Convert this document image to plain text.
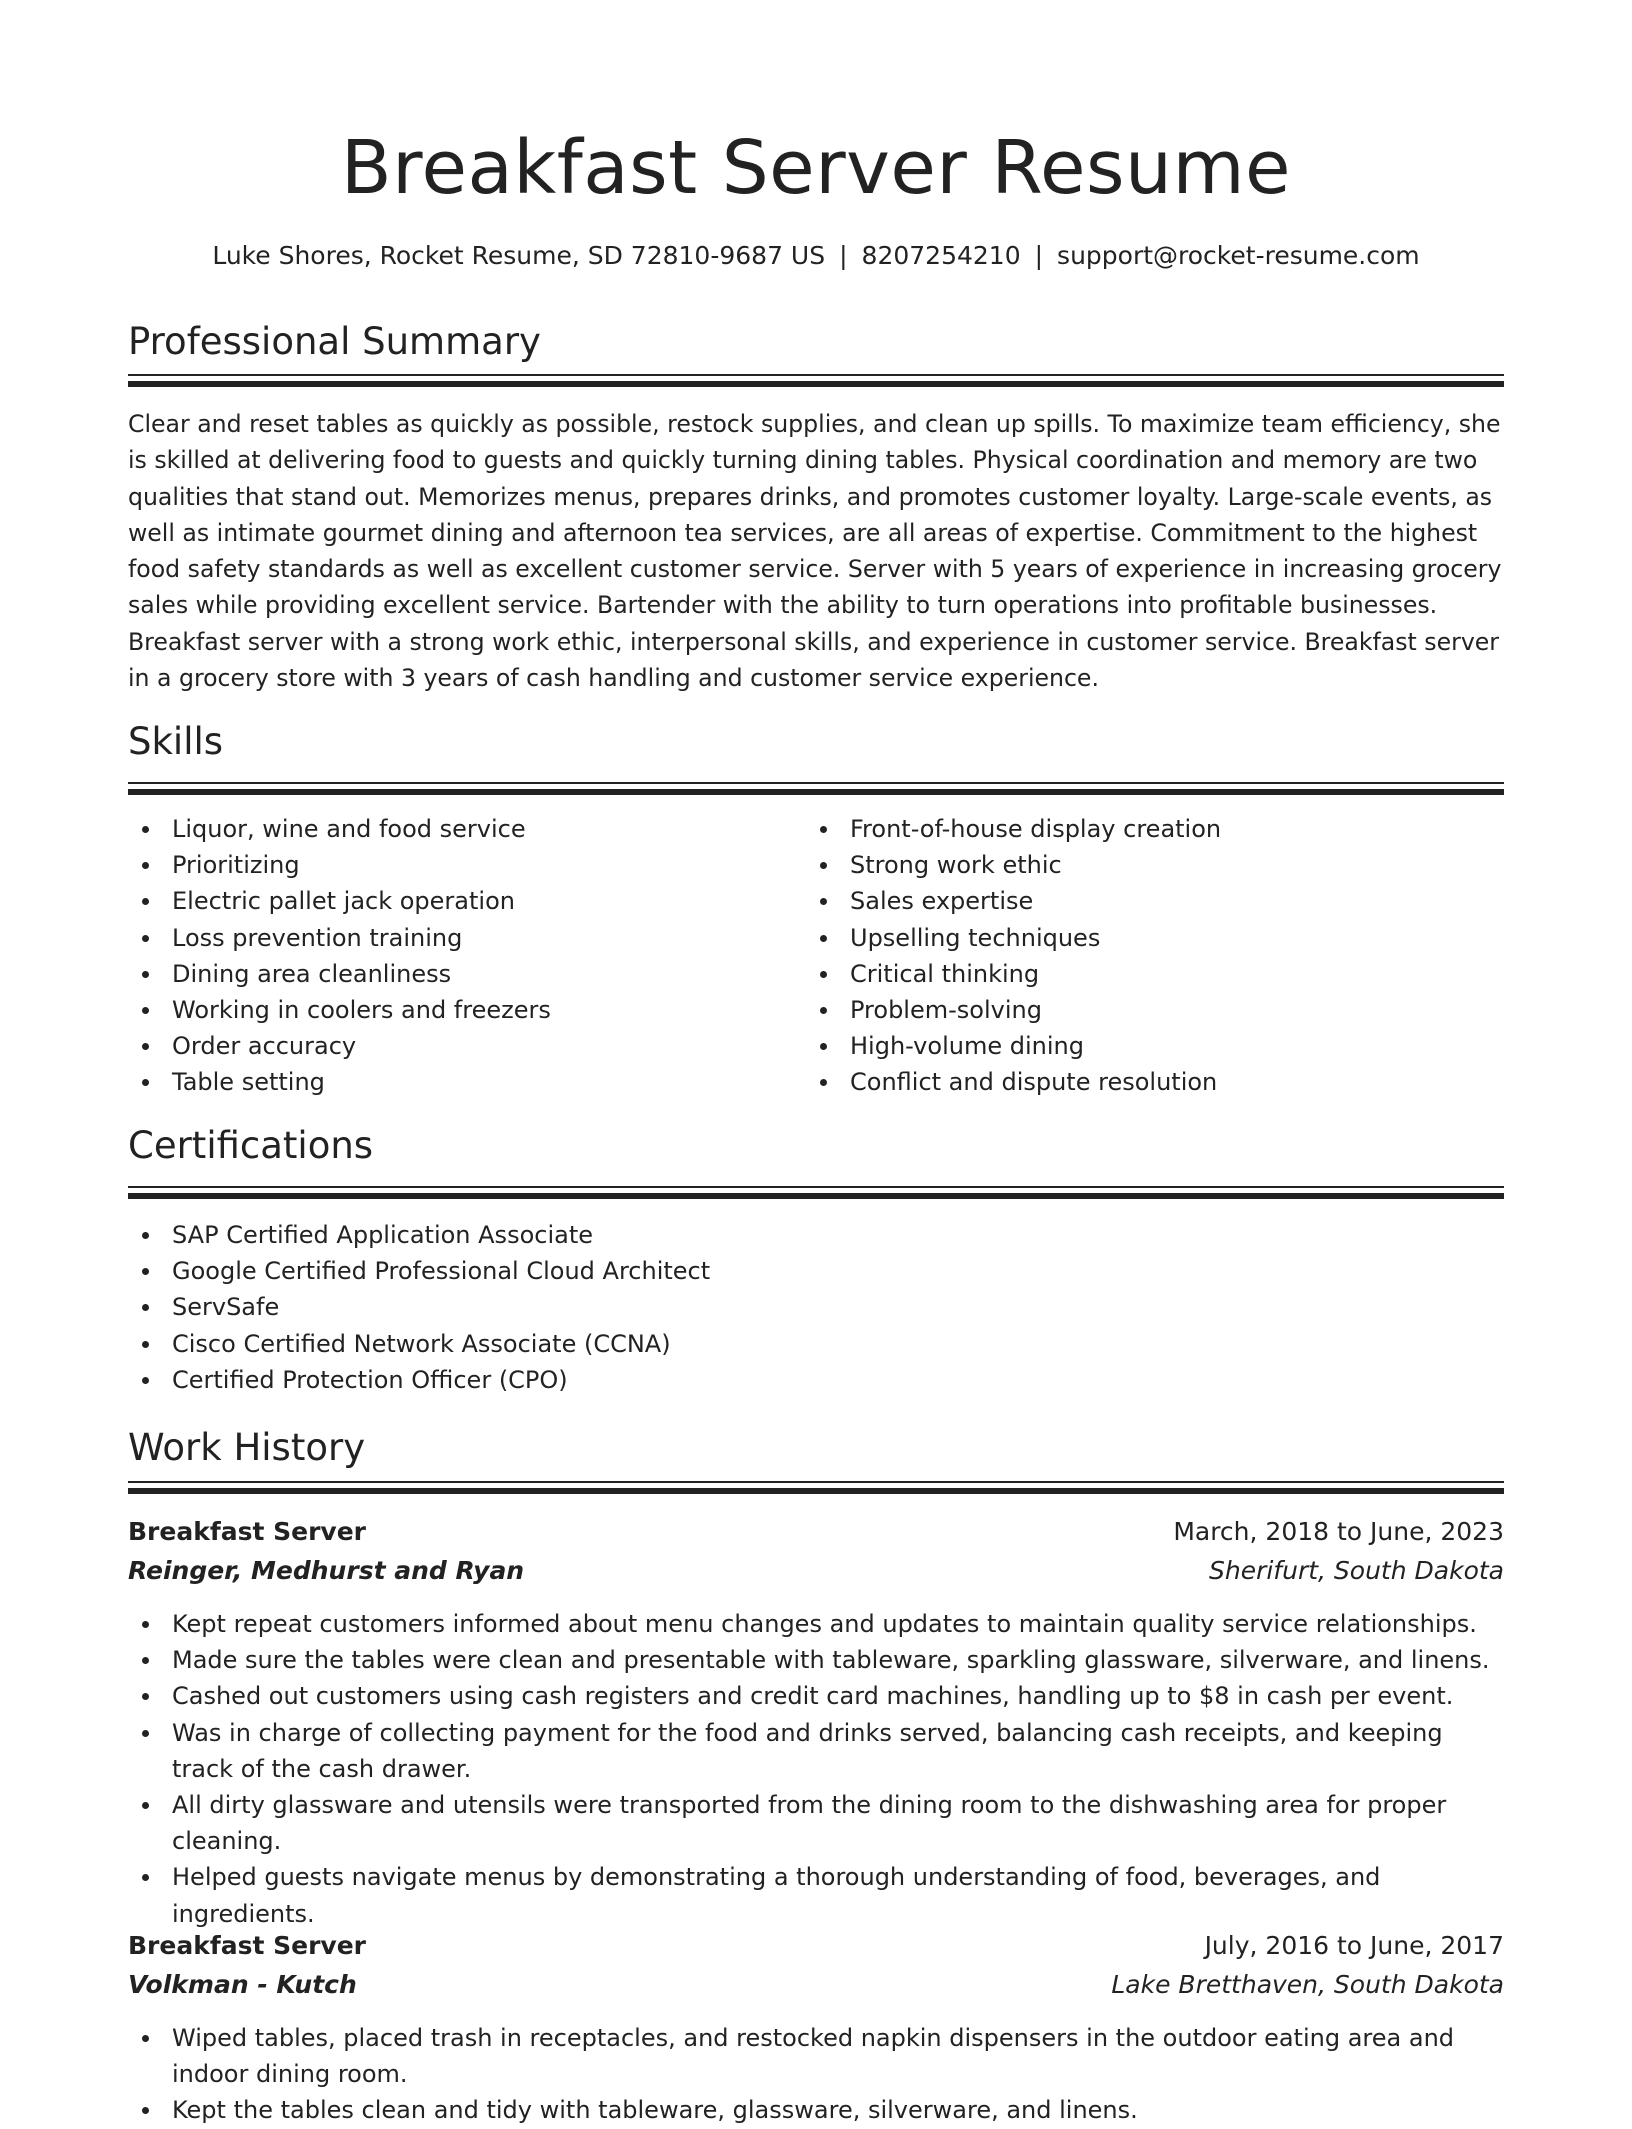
Breakfast Server Resume
Luke Shores, Rocket Resume, SD 72810-9687 US | 8207254210 | support@rocket-resume.com
Professional Summary

Clear and reset tables as quickly as possible, restock supplies, and clean up spills. To maximize team efficiency, she is skilled at delivering food to guests and quickly turning dining tables. Physical coordination and memory are two qualities that stand out. Memorizes menus, prepares drinks, and promotes customer loyalty. Large-scale events, as well as intimate gourmet dining and afternoon tea services, are all areas of expertise. Commitment to the highest food safety standards as well as excellent customer service. Server with 5 years of experience in increasing grocery sales while providing excellent service. Bartender with the ability to turn operations into profitable businesses. Breakfast server with a strong work ethic, interpersonal skills, and experience in customer service. Breakfast server in a grocery store with 3 years of cash handling and customer service experience.

Skills
Liquor, wine and food service
Prioritizing
Electric pallet jack operation
Loss prevention training
Dining area cleanliness
Working in coolers and freezers
Order accuracy
Table setting
Front-of-house display creation
Strong work ethic
Sales expertise
Upselling techniques
Critical thinking
Problem-solving
High-volume dining
Conflict and dispute resolution
Certifications
SAP Certified Application Associate
Google Certified Professional Cloud Architect
ServSafe
Cisco Certified Network Associate (CCNA)
Certified Protection Officer (CPO)
Work History
Breakfast Server	March, 2018 to June, 2023
Reinger, Medhurst and Ryan	Sherifurt, South Dakota
Kept repeat customers informed about menu changes and updates to maintain quality service relationships.
Made sure the tables were clean and presentable with tableware, sparkling glassware, silverware, and linens.
Cashed out customers using cash registers and credit card machines, handling up to $8 in cash per event.
Was in charge of collecting payment for the food and drinks served, balancing cash receipts, and keeping track of the cash drawer.
All dirty glassware and utensils were transported from the dining room to the dishwashing area for proper cleaning.
Helped guests navigate menus by demonstrating a thorough understanding of food, beverages, and ingredients.
Breakfast Server	July, 2016 to June, 2017
Volkman - Kutch	Lake Bretthaven, South Dakota
Wiped tables, placed trash in receptacles, and restocked napkin dispensers in the outdoor eating area and indoor dining room.
Kept the tables clean and tidy with tableware, glassware, silverware, and linens.
